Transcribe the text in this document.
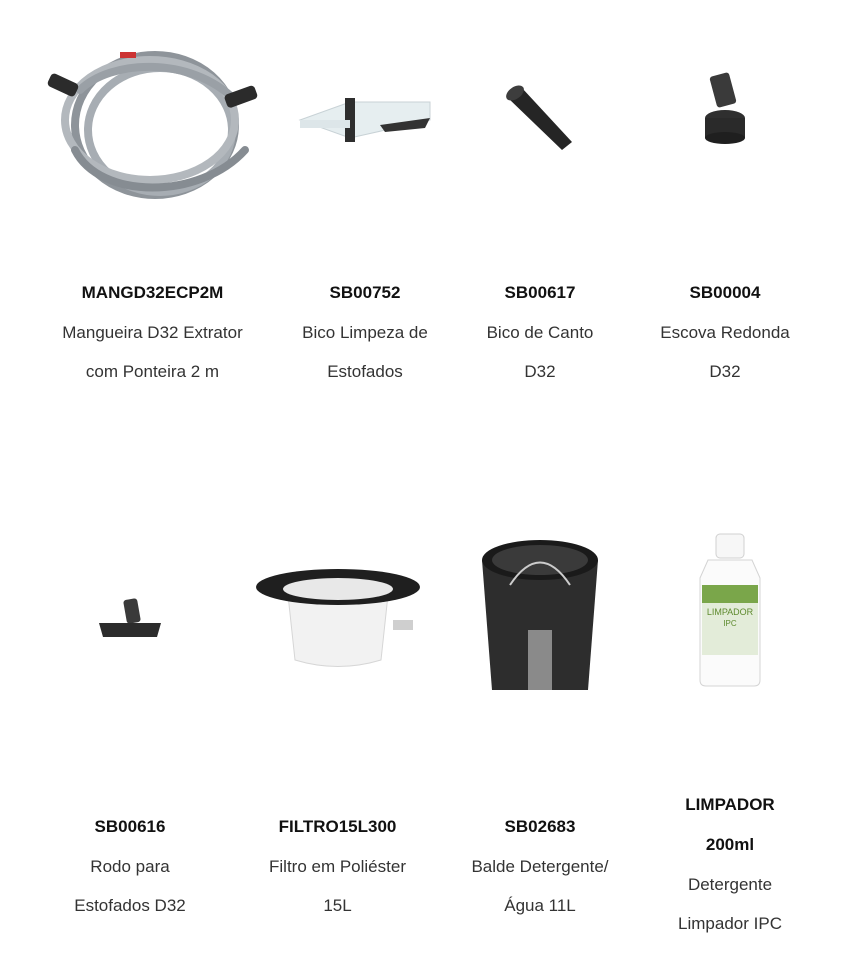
MANGD32ECP2M
Mangueira D32 Extrator
com Ponteira 2 m
SB00752
Bico Limpeza de
Estofados
SB00617
Bico de Canto
D32
SB00004
Escova Redonda
D32
SB00616
Rodo para
Estofados D32
FILTRO15L300
Filtro em Poliéster
15L
SB02683
Balde Detergente/
Água 11L
LIMPADOR
IPC
LIMPADOR
200ml
Detergente
Limpador IPC
